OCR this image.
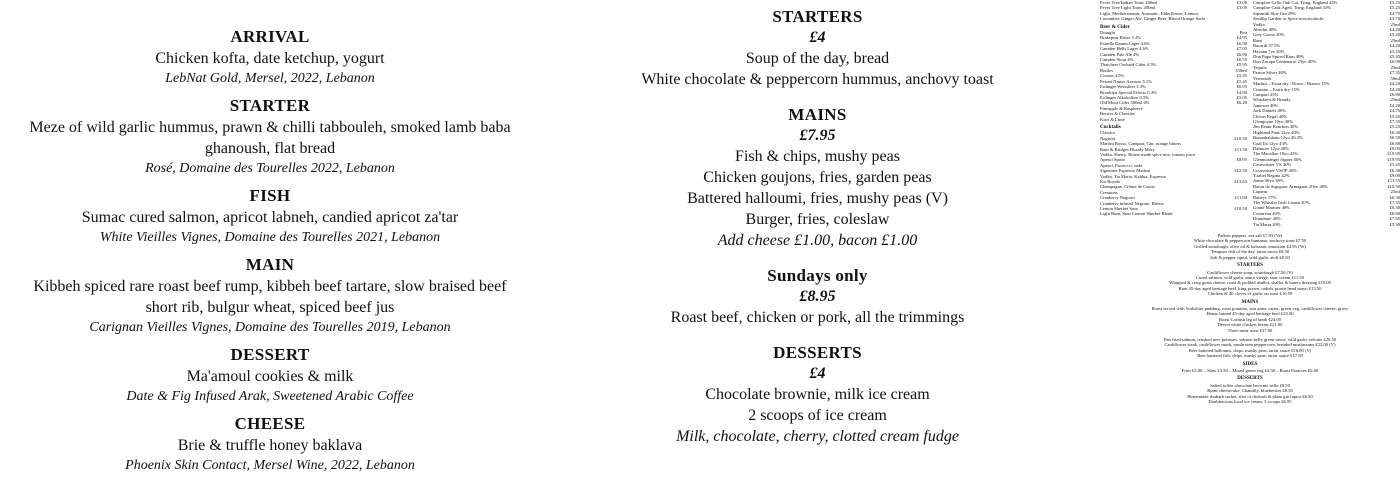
ARRIVAL
Chicken kofta, date ketchup, yogurt
LebNat Gold, Mersel, 2022, Lebanon
STARTER
Meze of wild garlic hummus, prawn & chilli tabbouleh, smoked lamb baba ghanoush, flat bread
Rosé, Domaine des Tourelles 2022, Lebanon
FISH
Sumac cured salmon, apricot labneh, candied apricot za'tar
White Vieilles Vignes, Domaine des Tourelles 2021, Lebanon
MAIN
Kibbeh spiced rare roast beef rump, kibbeh beef tartare, slow braised beef short rib, bulgur wheat, spiced beef jus
Carignan Vieilles Vignes, Domaine des Tourelles 2019, Lebanon
DESSERT
Ma'amoul cookies & milk
Date & Fig Infused Arak, Sweetened Arabic Coffee
CHEESE
Brie & truffle honey baklava
Phoenix Skin Contact, Mersel Wine, 2022, Lebanon
STARTERS
£4
Soup of the day, bread
White chocolate & peppercorn hummus, anchovy toast
MAINS
£7.95
Fish & chips, mushy peas
Chicken goujons, fries, garden peas
Battered halloumi, fries, mushy peas (V)
Burger, fries, coleslaw
Add cheese £1.00, bacon £1.00
Sundays only
£8.95
Roast beef, chicken or pork, all the trimmings
DESSERTS
£4
Chocolate brownie, milk ice cream
2 scoops of ice cream
Milk, chocolate, cherry, clotted cream fudge
Fever Tree Indian Tonic 200ml	£3.00
Fever Tree Light Tonic 200ml	£3.00
Light, Mediterranean, Aromatic, Elderflower, Lemon,
Cucumber, Ginger Ale, Ginger Beer, Blood Orange Soda
Beer & Cider
Draught	Pint
Brakspear Bitter 3.4%	£4.95
Estrella Damm Lager 4.6%	£6.90
Camden Hells Lager 4.6%	£7.05
Camden Pale Ale 4%	£6.90
Camden Stout 4%	£6.55
Thatchers Orchard Cider 4.5%	£5.95
Bottles	330ml
Corona 4.5%	£5.45
Peroni Nastro Azzurro 5.1%	£5.45
Erdinger Weissbier 5.3%	£6.95
Brooklyn Special Effects 0.4%	£4.80
Erdinger Alkoholfrei 0.5%	£5.05
Old Mout Cider 500ml 4%	£6.20
Pineapple & Raspberry
Berries & Cherries
Kiwi & Lime
Cocktails
Classics
Negroni	£10.50
Martini Rosso, Campari, Gin, orange bitters
Bain & Bridges Bloody Mary	£11.50
Vodka, Sherry, House made spice mix, tomato juice
Aperol Spritz	£8.95
Aperol, Prosecco, soda
Signature Espresso Martini	£12.50
Vodka, Tia Maria, Kahlua, Espresso
Kir Royale	£13.65
Champagne, Crème de Cassis
Creations
Cranberry Negroni	£11.00
Cranberry infused Negroni, Bitters
Lemon Sherbet Sour	£10.50
Light Rum, Sour Lemon Sherbet Blend
Campfire Cello Oak Cut, Tring, England 43%	£5.25
Campfire Cask Aged, Tring, England 43%	£5.25
Sipsmith Sloe Gin 29%	£4.75
Seedlip Garden or Spice non-alcoholic	£3.70
Vodka	25ml
Absolut 40%	£4.20
Grey Goose 40%	£5.20
Rum	25ml
Bacardi 37.5%	£4.20
Havana 7yo 40%	£5.25
Don Papa Spiced Rum 40%	£5.45
Ron Zacapa Centenario 23yo 40%	£6.90
Tequila	25ml
Patron Silver 40%	£7.35
Vermouth	50ml
Martini – Extra dry / Rosso / Bianco 15%	£4.20
Cinzano – Extra dry 15%	£4.20
Campari 25%	£6.80
Whiskeys & Brandy	25ml
Jameson 40%	£4.20
Jack Daniels 40%	£4.75
Chivas Regal 40%	£5.45
Glengoyne 10yo 40%	£7.35
Jim Beam Bourbon 40%	£5.25
Highland Park 12yo 40%	£6.30
Bunnahabhain 12yo 46.3%	£6.50
Coal Ila 12yo 43%	£6.80
Dalmore 12yo 40%	£9.05
The Macallan 18yo 43%	£19.95
Glenmorangie Signet 46%	£19.95
Courvoisier VS 40%	£5.45
Courvoisier VSOP 40%	£6.30
Yzabel Regina 42%	£9.00
Jaime 30yo 38%	£11.55
Baron de Sigognac Armagnac 20yo 40%	£10.50
Liqueur	25ml
Baileys 17%	£6.30
The Whistler Irish Cream 20%	£7.35
Grand Marnier 40%	£6.30
Cointreau 40%	£6.80
Drambuie 40%	£7.85
Tia Maria 20%	£5.30
Padron peppers, sea salt £7.95 (Ve)
White chocolate & peppercorn hummus, anchovy toast £7.50
Grilled sourdough, olive oil & balsamic emulsion £4.95 (Ve)
Tempura fish of the day, tartar sauce £8.50
Salt & pepper squid, wild garlic aioli £8.50
STARTERS
Cauliflower cheese soup, sourdough £7.50 (V)
Cured salmon, wild garlic sauce vierge, sour cream £11.50
Whipped & crisp goats cheese, roast & pickled shallot, shallot & honey dressing £10.00
Rare 45-day aged heritage beef, king prawn, radish, prawn head mayo £13.50
Chicken & 40 cloves of garlic on toast £10.50
MAINS
Roast served with Yorkshire pudding, roast potatoes, star anise carrot, green veg, cauliflower cheese, gravy
House brined 45-day aged heritage beef £23.00
Roast Cornish leg of lamb £24.00
Devon white chicken breast £21.00
Three meat roast £37.00
Pan fried salmon, crushed new potatoes, salmon belly green sauce, wild garlic veloute £26.50
Cauliflower steak, cauliflower mash, mushroom peppercorn, breaded mushrooms £22.00 (V)
Beer battered halloumi, chips, mushy peas, tartar sauce £16.00 (V)
Beer battered fish, chips, mushy peas, tartar sauce £17.50
SIDES
Fries £5.00 – Slaw £3.50 – Mixed green veg £4.50 – Roast Potatoes £6.00
DESSERTS
Salted toffee chocolate brownie trifle £8.50
Burnt cheesecake, Chantilly, blueberries £8.50
Homemade rhubarb sorbet, shot of rhubarb & plum gin liquor £6.50
Doubleicious local ice cream, 3 scoops £6.95
